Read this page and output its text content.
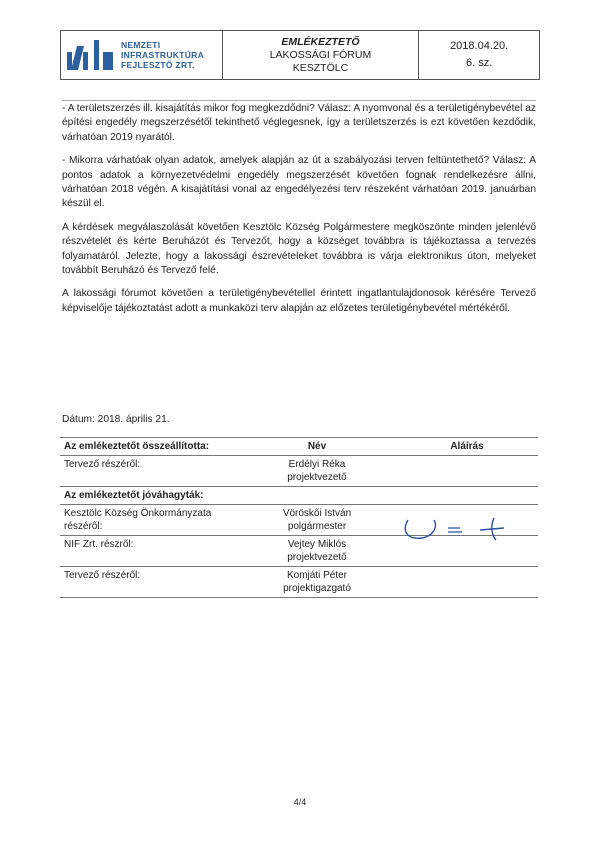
NEMZETI
INFRASTRUKTÚRA
FEJLESZTŐ ZRT.
EMLÉKEZTETŐ
LAKOSSÁGI FÓRUM
KESZTÖLC
2018.04.20.
6. sz.

- A területszerzés ill. kisajátítás mikor fog megkezdődni? Válasz: A nyomvonal és a területigénybevétel az építési engedély megszerzésétől tekinthető véglegesnek, így a területszerzés is ezt követően kezdődik, várhatóan 2019 nyarától.

- Mikorra várhatóak olyan adatok, amelyek alapján az út a szabályozási terven feltüntethető? Válasz: A pontos adatok a környezetvédelmi engedély megszerzését követően fognak rendelkezésre állni, várhatóan 2018 végén. A kisajátítási vonal az engedélyezési terv részeként várhatóan 2019. januárban készül el.

A kérdések megválaszolását követően Kesztölc Község Polgármestere megköszönte minden jelenlévő részvételét és kérte Beruházót és Tervezőt, hogy a községet továbbra is tájékoztassa a tervezés folyamatáról. Jelezte, hogy a lakossági észrevételeket továbbra is várja elektronikus úton, melyeket továbbít Beruházó és Tervező felé.

A lakossági fórumot követően a területigénybevétellel érintett ingatlantulajdonosok kérésére Tervező képviselője tájékoztatást adott a munkaközi terv alapján az előzetes területigénybevétel mértékéről.

Dátum: 2018. április 21.
Az emlékeztetőt összeállította:	Név	Aláírás
Tervező részéről:	Erdélyi Réka
projektvezető	

Az emlékeztetőt jóváhagyták:		
Kesztölc Község Önkormányzata részéről:	Vöröskői István
polgármester	

NIF Zrt. részről:	Vejtey Miklós
projektvezető	

Tervező részéről:	Komjáti Péter
projektigazgató	

4/4
